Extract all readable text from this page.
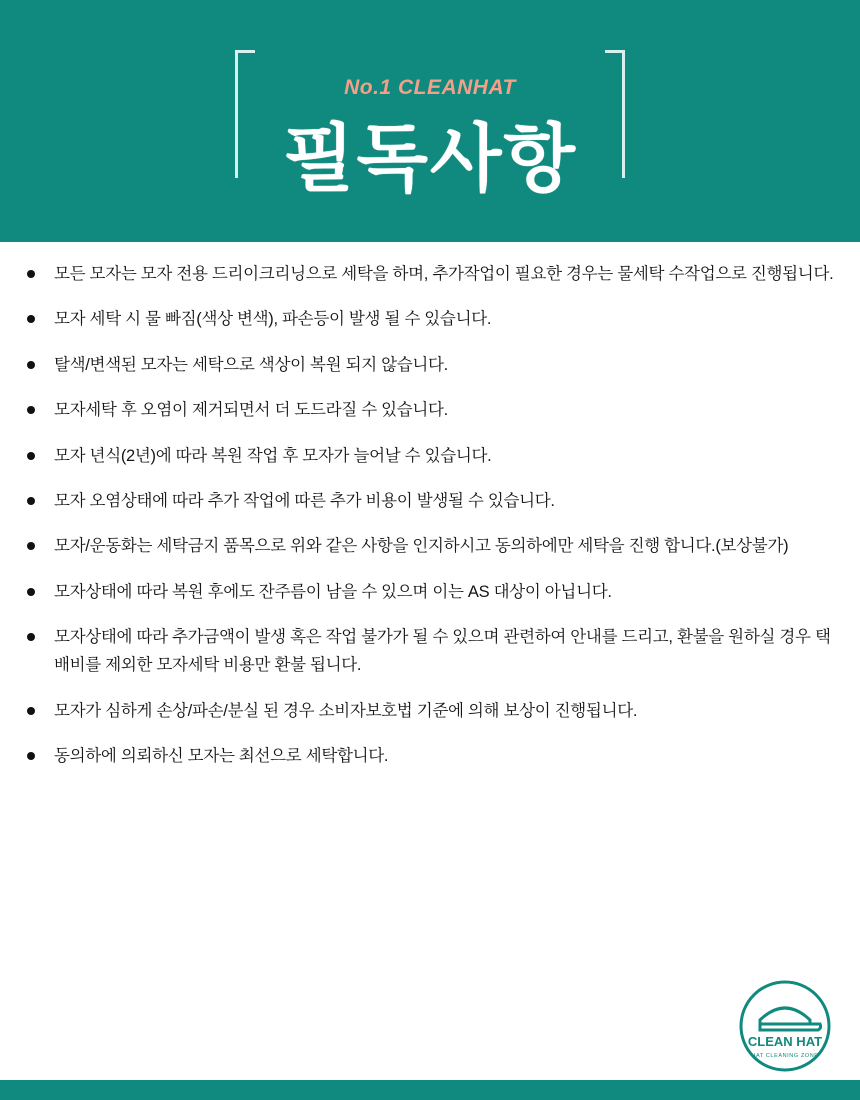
No.1 CLEANHAT
필독사항
모든 모자는 모자 전용 드리이크리닝으로 세탁을 하며, 추가작업이 필요한 경우는 물세탁 수작업으로 진행됩니다.
모자 세탁 시 물 빠짐(색상 변색), 파손등이 발생 될 수 있습니다.
탈색/변색된 모자는 세탁으로 색상이 복원 되지 않습니다.
모자세탁 후 오염이 제거되면서 더 도드라질 수 있습니다.
모자 년식(2년)에 따라 복원 작업 후 모자가 늘어날 수 있습니다.
모자 오염상태에 따라 추가 작업에 따른 추가 비용이 발생될 수 있습니다.
모자/운동화는 세탁금지 품목으로 위와 같은 사항을 인지하시고 동의하에만 세탁을 진행 합니다.(보상불가)
모자상태에 따라 복원 후에도 잔주름이 남을 수 있으며 이는 AS 대상이 아닙니다.
모자상태에 따라 추가금액이 발생 혹은 작업 불가가 될 수 있으며 관련하여 안내를 드리고, 환불을 원하실 경우 택배비를 제외한 모자세탁 비용만 환불 됩니다.
모자가 심하게 손상/파손/분실 된 경우 소비자보호법 기준에 의해 보상이 진행됩니다.
동의하에 의뢰하신 모자는 최선으로 세탁합니다.
CLEAN HAT
HAT CLEANING ZONE
